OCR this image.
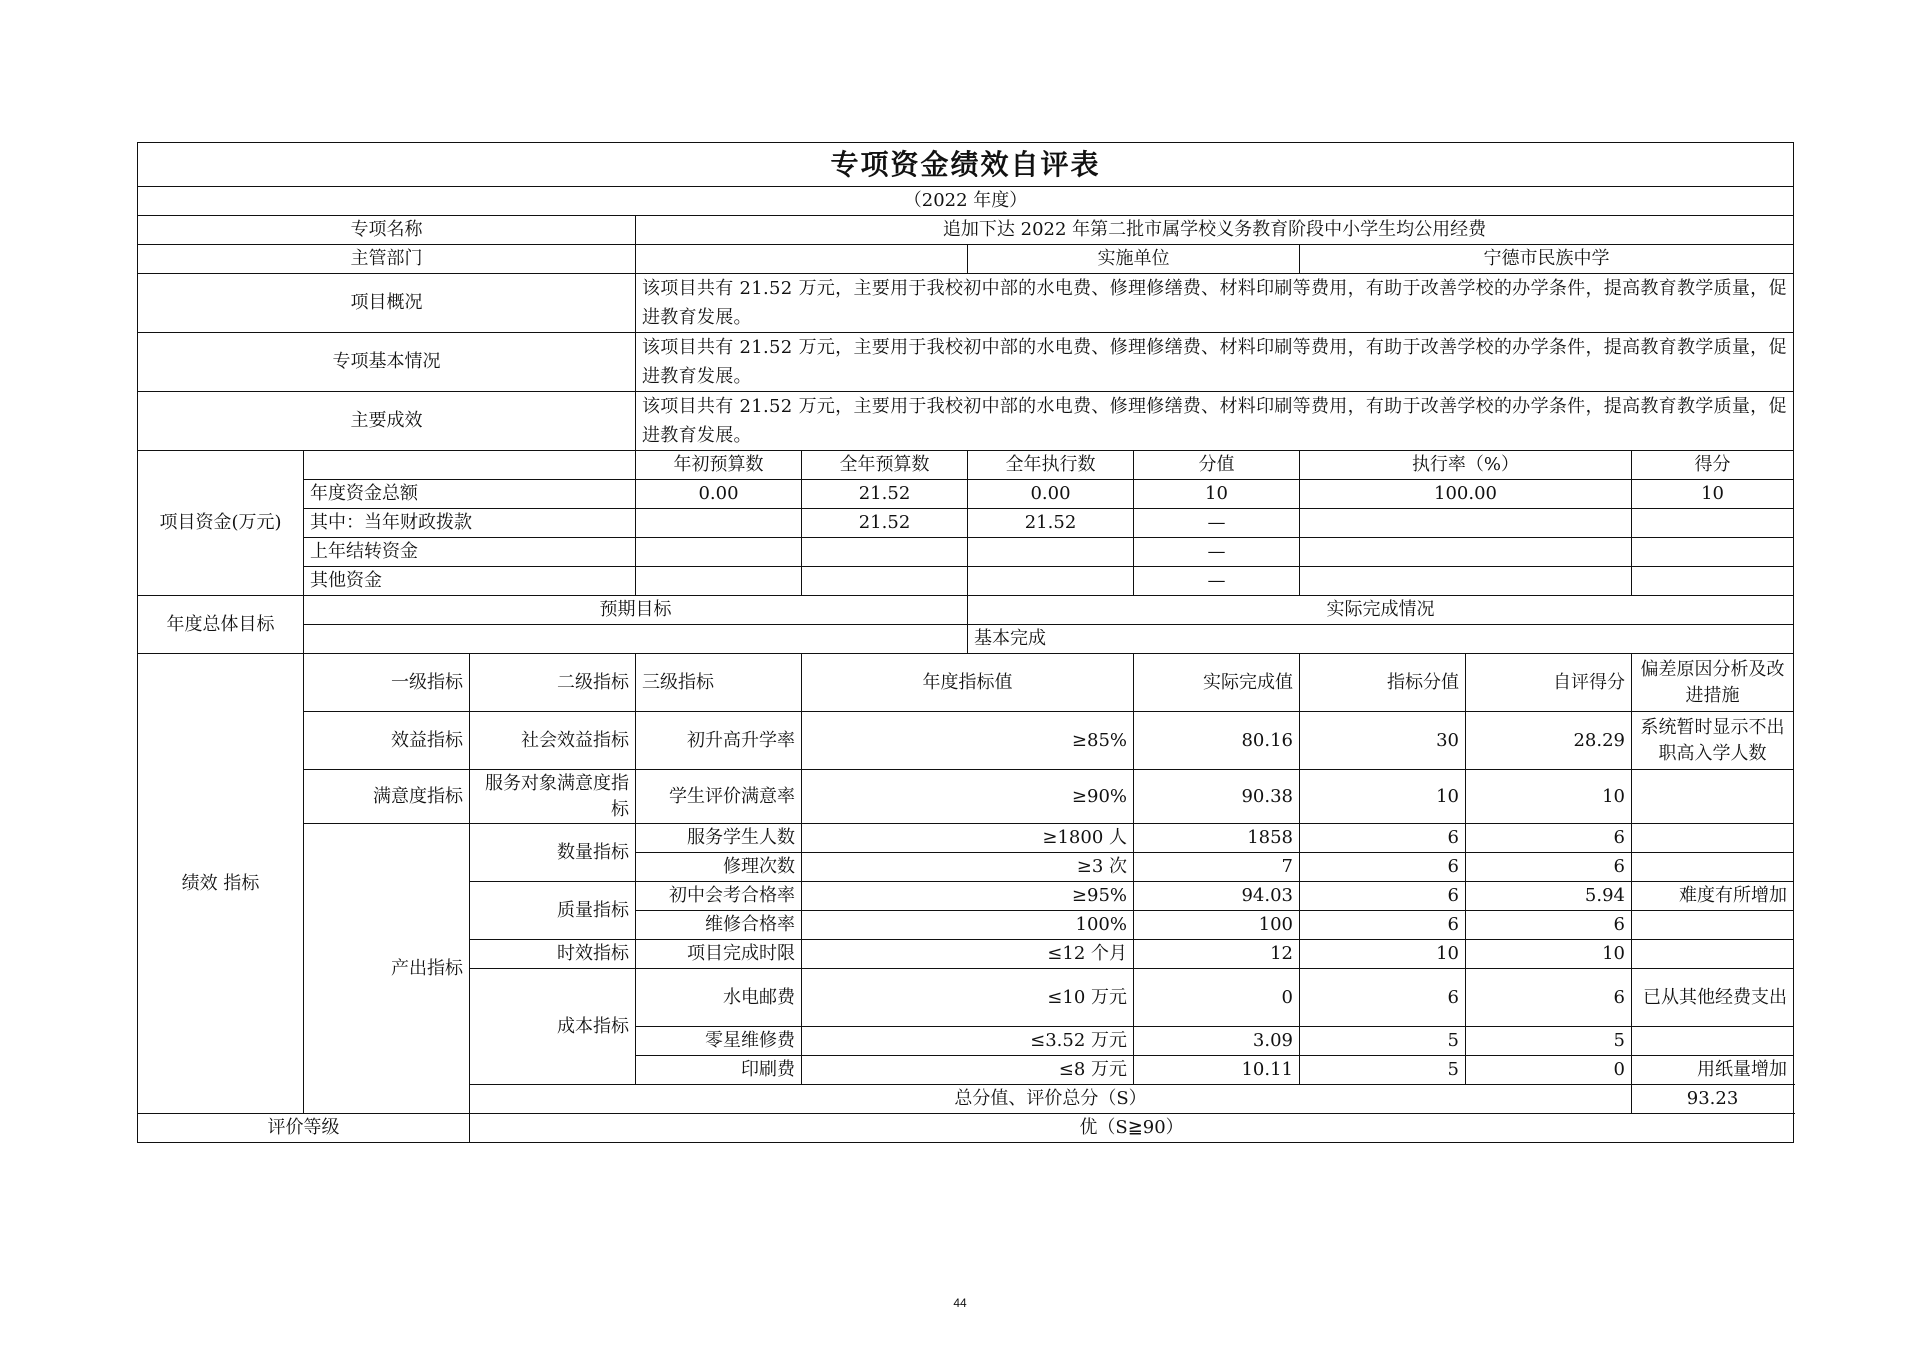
专项资金绩效自评表										
（2022 年度）										
专项名称			追加下达 2022 年第二批市属学校义务教育阶段中小学生均公用经费							
主管部门					实施单位		宁德市民族中学			
项目概况			该项目共有 21.52 万元，主要用于我校初中部的水电费、修理修缮费、材料印刷等费用，有助于改善学校的办学条件，提高教育教学质量，促进教育发展。							
专项基本情况			该项目共有 21.52 万元，主要用于我校初中部的水电费、修理修缮费、材料印刷等费用，有助于改善学校的办学条件，提高教育教学质量，促进教育发展。							
主要成效			该项目共有 21.52 万元，主要用于我校初中部的水电费、修理修缮费、材料印刷等费用，有助于改善学校的办学条件，提高教育教学质量，促进教育发展。							
项目资金(万元)			年初预算数	全年预算数	全年执行数	分值	执行率（%）		得分	
	年度资金总额		0.00	21.52	0.00	10	100.00		10	
	其中：当年财政拨款			21.52	21.52	—				
	上年结转资金					—				
	其他资金					—				
年度总体目标	预期目标				实际完成情况					
					基本完成					
绩效 指标	一级指标	二级指标	三级指标	年度指标值		实际完成值	指标分值	自评得分	偏差原因分析及改进措施	
	效益指标	社会效益指标	初升高升学率	≥85%		80.16	30	28.29	系统暂时显示不出职高入学人数	
	满意度指标	服务对象满意度指标	学生评价满意率	≥90%		90.38	10	10		
	产出指标	数量指标	服务学生人数	≥1800 人		1858	6	6		
			修理次数	≥3 次		7	6	6		
		质量指标	初中会考合格率	≥95%		94.03	6	5.94	难度有所增加	
			维修合格率	100%		100	6	6		
		时效指标	项目完成时限	≤12 个月		12	10	10		
		成本指标	水电邮费	≤10 万元		0	6	6	已从其他经费支出	
			零星维修费	≤3.52 万元		3.09	5	5		
			印刷费	≤8 万元		10.11	5	0	用纸量增加	
		总分值、评价总分（S）							93.23	
评价等级		优（S≧90）								
44
